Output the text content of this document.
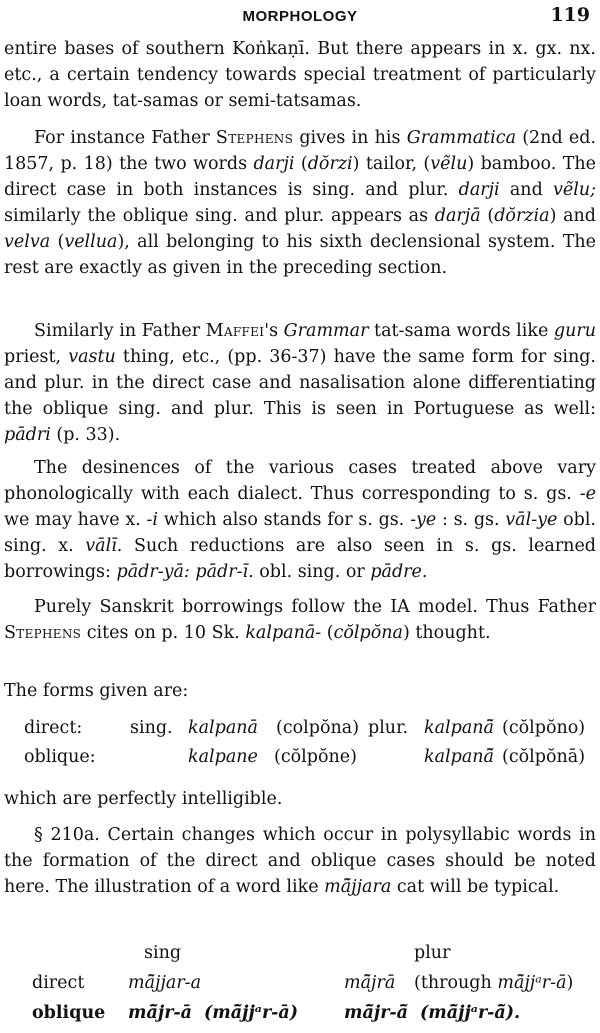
MORPHOLOGY	119

entire bases of southern Koṅkaṇī. But there appears in x. gx. nx. etc., a certain tendency towards special treatment of particularly loan words, tat-samas or semi-tatsamas.

For instance Father Stephens gives in his Grammatica (2nd ed. 1857, p. 18) the two words darji (dŏrzi) tailor, (vẽlu) bamboo. The direct case in both instances is sing. and plur. darji and vẽlu; similarly the oblique sing. and plur. appears as darjā (dŏrzia) and velva (vellua), all belonging to his sixth declensional system. The rest are exactly as given in the preceding section.

Similarly in Father Maffei's Grammar tat-sama words like guru priest, vastu thing, etc., (pp. 36-37) have the same form for sing. and plur. in the direct case and nasalisation alone differentiating the oblique sing. and plur. This is seen in Portuguese as well: pādri (p. 33).

The desinences of the various cases treated above vary phonologically with each dialect. Thus corresponding to s. gs. -e we may have x. -i which also stands for s. gs. -ye : s. gs. vāl-ye obl. sing. x. vālī. Such reductions are also seen in s. gs. learned borrowings: pādr-yā: pādr-ī. obl. sing. or pādre.

Purely Sanskrit borrowings follow the IA model. Thus Father Stephens cites on p. 10 Sk. kalpanā- (cŏlpŏna) thought.

The forms given are:

direct:	sing. kalpanā (colpŏna) plur. kalpanā̃ (cŏlpŏno)
oblique:	kalpane (cŏlpŏne)	kalpanā̃ (cŏlpŏnā)

which are perfectly intelligible.

§ 210a. Certain changes which occur in polysyllabic words in the formation of the direct and oblique cases should be noted here. The illustration of a word like mā̃jjara cat will be typical.

sing	plur
direct mā̃jjar-a	mā̃jrā (through mā̃jjᵃr-ā)
oblique mā̃jr-ā (mā̃jjᵃr-ā)	mā̃jr-ā̃ (mā̃jjᵃr-ā̃).
